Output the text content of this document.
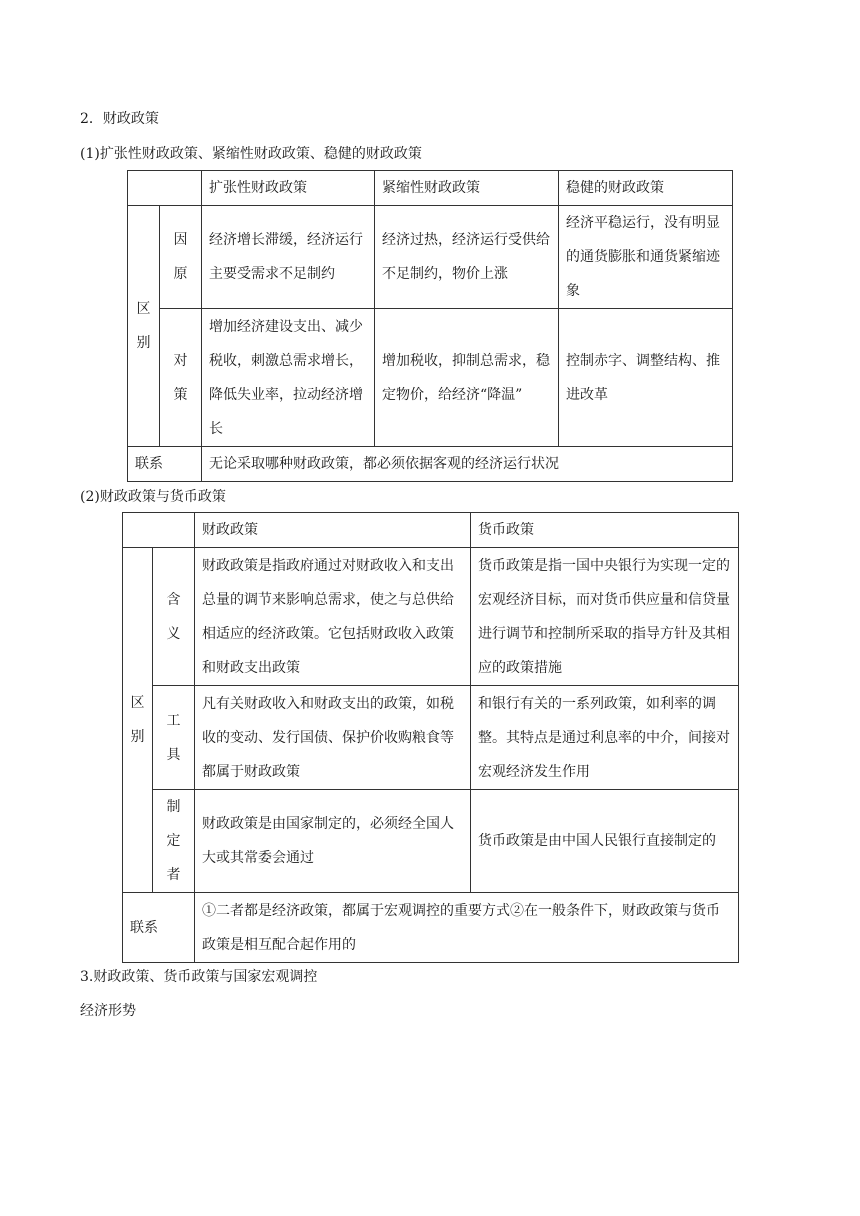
2．财政政策
(1)扩张性财政政策、紧缩性财政政策、稳健的财政政策
		扩张性财政政策	紧缩性财政政策	稳健的财政政策
区别	因原	经济增长滞缓，经济运行主要受需求不足制约	经济过热，经济运行受供给不足制约，物价上涨	经济平稳运行，没有明显的通货膨胀和通货紧缩迹象
	对策	增加经济建设支出、减少税收，刺激总需求增长，降低失业率，拉动经济增长	增加税收，抑制总需求，稳定物价，给经济“降温”	控制赤字、调整结构、推进改革
联系		无论采取哪种财政政策，都必须依据客观的经济运行状况		
(2)财政政策与货币政策
		财政政策	货币政策
区别	含义	财政政策是指政府通过对财政收入和支出总量的调节来影响总需求，使之与总供给相适应的经济政策。它包括财政收入政策和财政支出政策	货币政策是指一国中央银行为实现一定的宏观经济目标，而对货币供应量和信贷量进行调节和控制所采取的指导方针及其相应的政策措施
	工具	凡有关财政收入和财政支出的政策，如税收的变动、发行国债、保护价收购粮食等都属于财政政策	和银行有关的一系列政策，如利率的调整。其特点是通过利息率的中介，间接对宏观经济发生作用
	制定者	财政政策是由国家制定的，必须经全国人大或其常委会通过	货币政策是由中国人民银行直接制定的
联系		①二者都是经济政策，都属于宏观调控的重要方式②在一般条件下，财政政策与货币政策是相互配合起作用的	
3.财政政策、货币政策与国家宏观调控
经济形势
